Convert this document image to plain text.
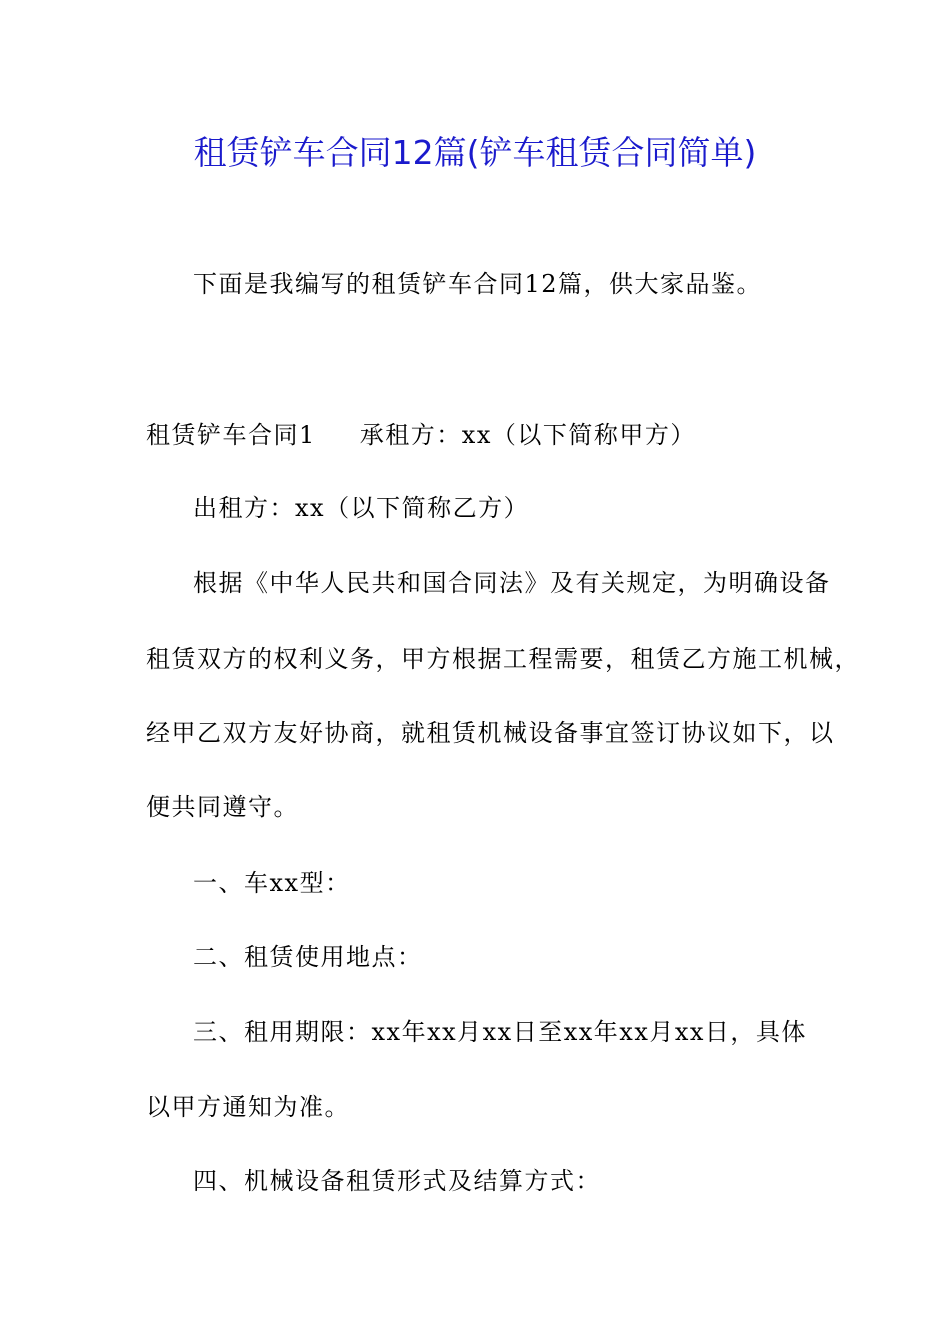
租赁铲车合同12篇(铲车租赁合同简单)
下面是我编写的租赁铲车合同12篇，供大家品鉴。
租赁铲车合同1 承租方：xx（以下简称甲方）
出租方：xx（以下简称乙方）
根据《中华人民共和国合同法》及有关规定，为明确设备
租赁双方的权利义务，甲方根据工程需要，租赁乙方施工机械，
经甲乙双方友好协商，就租赁机械设备事宜签订协议如下，以
便共同遵守。
一、车xx型：
二、租赁使用地点：
三、租用期限：xx年xx月xx日至xx年xx月xx日，具体
以甲方通知为准。
四、机械设备租赁形式及结算方式：
